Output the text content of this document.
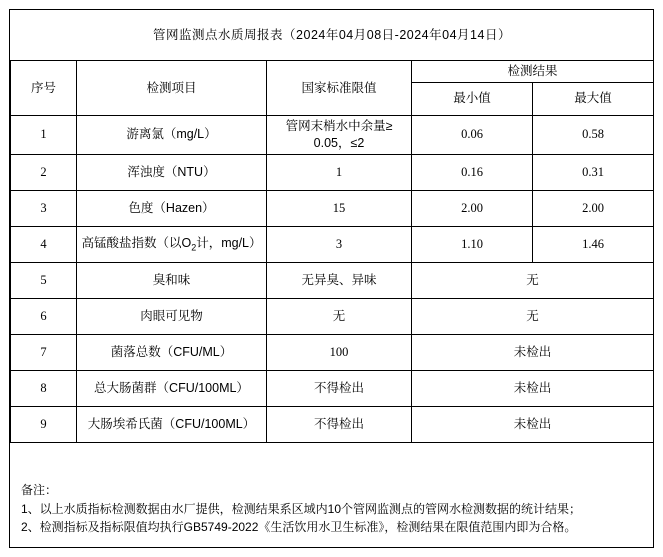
管网监测点水质周报表（2024年04月08日-2024年04月14日）				
序号	检测项目	国家标准限值	检测结果	
			最小值	最大值
1	游离氯（mg/L）	管网末梢水中余量≥
0.05，≤2	0.06	0.58
2	浑浊度（NTU）	1	0.16	0.31
3	色度（Hazen）	15	2.00	2.00
4	高锰酸盐指数（以$O_2$计，mg/L）	3	1.10	1.46
5	臭和味	无异臭、异味	无	
6	肉眼可见物	无	无	
7	菌落总数（CFU/ML）	100	未检出	
8	总大肠菌群（CFU/100ML）	不得检出	未检出	
9	大肠埃希氏菌（CFU/100ML）	不得检出	未检出	
备注：
1、以上水质指标检测数据由水厂提供，检测结果系区域内10个管网监测点的管网水检测数据的统计结果；
2、检测指标及指标限值均执行GB5749-2022《生活饮用水卫生标准》，检测结果在限值范围内即为合格。
